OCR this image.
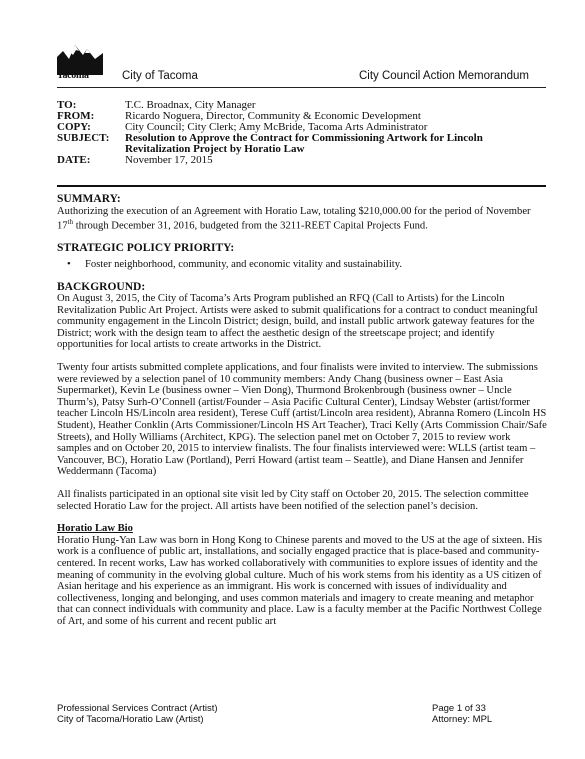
Tacoma	City of Tacoma	City Council Action Memorandum
TO:	T.C. Broadnax, City Manager
FROM:	Ricardo Noguera, Director, Community & Economic Development
COPY:	City Council; City Clerk; Amy McBride, Tacoma Arts Administrator
SUBJECT:	Resolution to Approve the Contract for Commissioning Artwork for Lincoln
Revitalization Project by Horatio Law
DATE:	November 17, 2015
SUMMARY:

Authorizing the execution of an Agreement with Horatio Law, totaling $210,000.00 for the period of November 17th through December 31, 2016, budgeted from the 3211-REET Capital Projects Fund.

STRATEGIC POLICY PRIORITY:
•	Foster neighborhood, community, and economic vitality and sustainability.
BACKGROUND:

On August 3, 2015, the City of Tacoma’s Arts Program published an RFQ (Call to Artists) for the Lincoln Revitalization Public Art Project. Artists were asked to submit qualifications for a contract to conduct meaningful community engagement in the Lincoln District; design, build, and install public artwork gateway features for the District; work with the design team to affect the aesthetic design of the streetscape project; and identify opportunities for local artists to create artworks in the District.

Twenty four artists submitted complete applications, and four finalists were invited to interview. The submissions were reviewed by a selection panel of 10 community members: Andy Chang (business owner – East Asia Supermarket), Kevin Le (business owner – Vien Dong), Thurmond Brokenbrough (business owner – Uncle Thurm’s), Patsy Surh-O’Connell (artist/Founder – Asia Pacific Cultural Center), Lindsay Webster (artist/former teacher Lincoln HS/Lincoln area resident), Terese Cuff (artist/Lincoln area resident), Abranna Romero (Lincoln HS Student), Heather Conklin (Arts Commissioner/Lincoln HS Art Teacher), Traci Kelly (Arts Commission Chair/Safe Streets), and Holly Williams (Architect, KPG). The selection panel met on October 7, 2015 to review work samples and on October 20, 2015 to interview finalists. The four finalists interviewed were: WLLS (artist team – Vancouver, BC), Horatio Law (Portland), Perri Howard (artist team – Seattle), and Diane Hansen and Jennifer Weddermann (Tacoma)

All finalists participated in an optional site visit led by City staff on October 20, 2015. The selection committee selected Horatio Law for the project. All artists have been notified of the selection panel’s decision.

Horatio Law Bio

Horatio Hung-Yan Law was born in Hong Kong to Chinese parents and moved to the US at the age of sixteen. His work is a confluence of public art, installations, and socially engaged practice that is place-based and community-centered. In recent works, Law has worked collaboratively with communities to explore issues of identity and the meaning of community in the evolving global culture. Much of his work stems from his identity as a US citizen of Asian heritage and his experience as an immigrant. His work is concerned with issues of individuality and collectiveness, longing and belonging, and uses common materials and imagery to create meaning and metaphor that can connect individuals with community and place. Law is a faculty member at the Pacific Northwest College of Art, and some of his current and recent public art

Professional Services Contract (Artist)
City of Tacoma/Horatio Law (Artist)
Page 1 of 33
Attorney: MPL
